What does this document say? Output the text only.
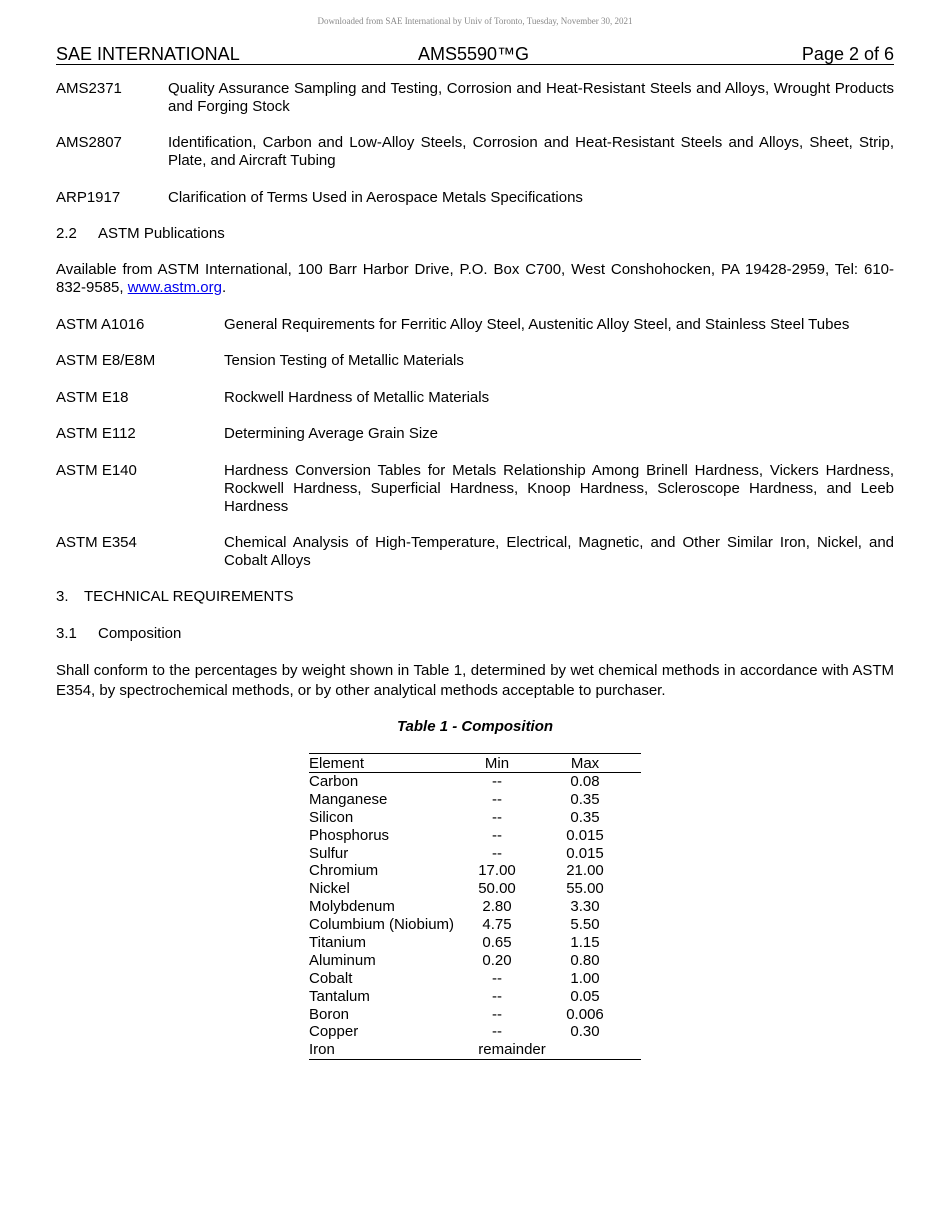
Downloaded from SAE International by Univ of Toronto, Tuesday, November 30, 2021
SAE INTERNATIONAL	AMS5590™G	Page 2 of 6
AMS2371	Quality Assurance Sampling and Testing, Corrosion and Heat-Resistant Steels and Alloys, Wrought Products and Forging Stock
AMS2807	Identification, Carbon and Low-Alloy Steels, Corrosion and Heat-Resistant Steels and Alloys, Sheet, Strip, Plate, and Aircraft Tubing
ARP1917	Clarification of Terms Used in Aerospace Metals Specifications
2.2 ASTM Publications
Available from ASTM International, 100 Barr Harbor Drive, P.O. Box C700, West Conshohocken, PA 19428-2959, Tel: 610-832-9585, www.astm.org.
ASTM A1016	General Requirements for Ferritic Alloy Steel, Austenitic Alloy Steel, and Stainless Steel Tubes
ASTM E8/E8M	Tension Testing of Metallic Materials
ASTM E18	Rockwell Hardness of Metallic Materials
ASTM E112	Determining Average Grain Size
ASTM E140	Hardness Conversion Tables for Metals Relationship Among Brinell Hardness, Vickers Hardness, Rockwell Hardness, Superficial Hardness, Knoop Hardness, Scleroscope Hardness, and Leeb Hardness
ASTM E354	Chemical Analysis of High-Temperature, Electrical, Magnetic, and Other Similar Iron, Nickel, and Cobalt Alloys
3. TECHNICAL REQUIREMENTS
3.1 Composition
Shall conform to the percentages by weight shown in Table 1, determined by wet chemical methods in accordance with ASTM E354, by spectrochemical methods, or by other analytical methods acceptable to purchaser.
Table 1 - Composition
Element	Min	Max
Carbon	--	0.08
Manganese	--	0.35
Silicon	--	0.35
Phosphorus	--	0.015
Sulfur	--	0.015
Chromium	17.00	21.00
Nickel	50.00	55.00
Molybdenum	2.80	3.30
Columbium (Niobium)	4.75	5.50
Titanium	0.65	1.15
Aluminum	0.20	0.80
Cobalt	--	1.00
Tantalum	--	0.05
Boron	--	0.006
Copper	--	0.30
Iron	remainder
